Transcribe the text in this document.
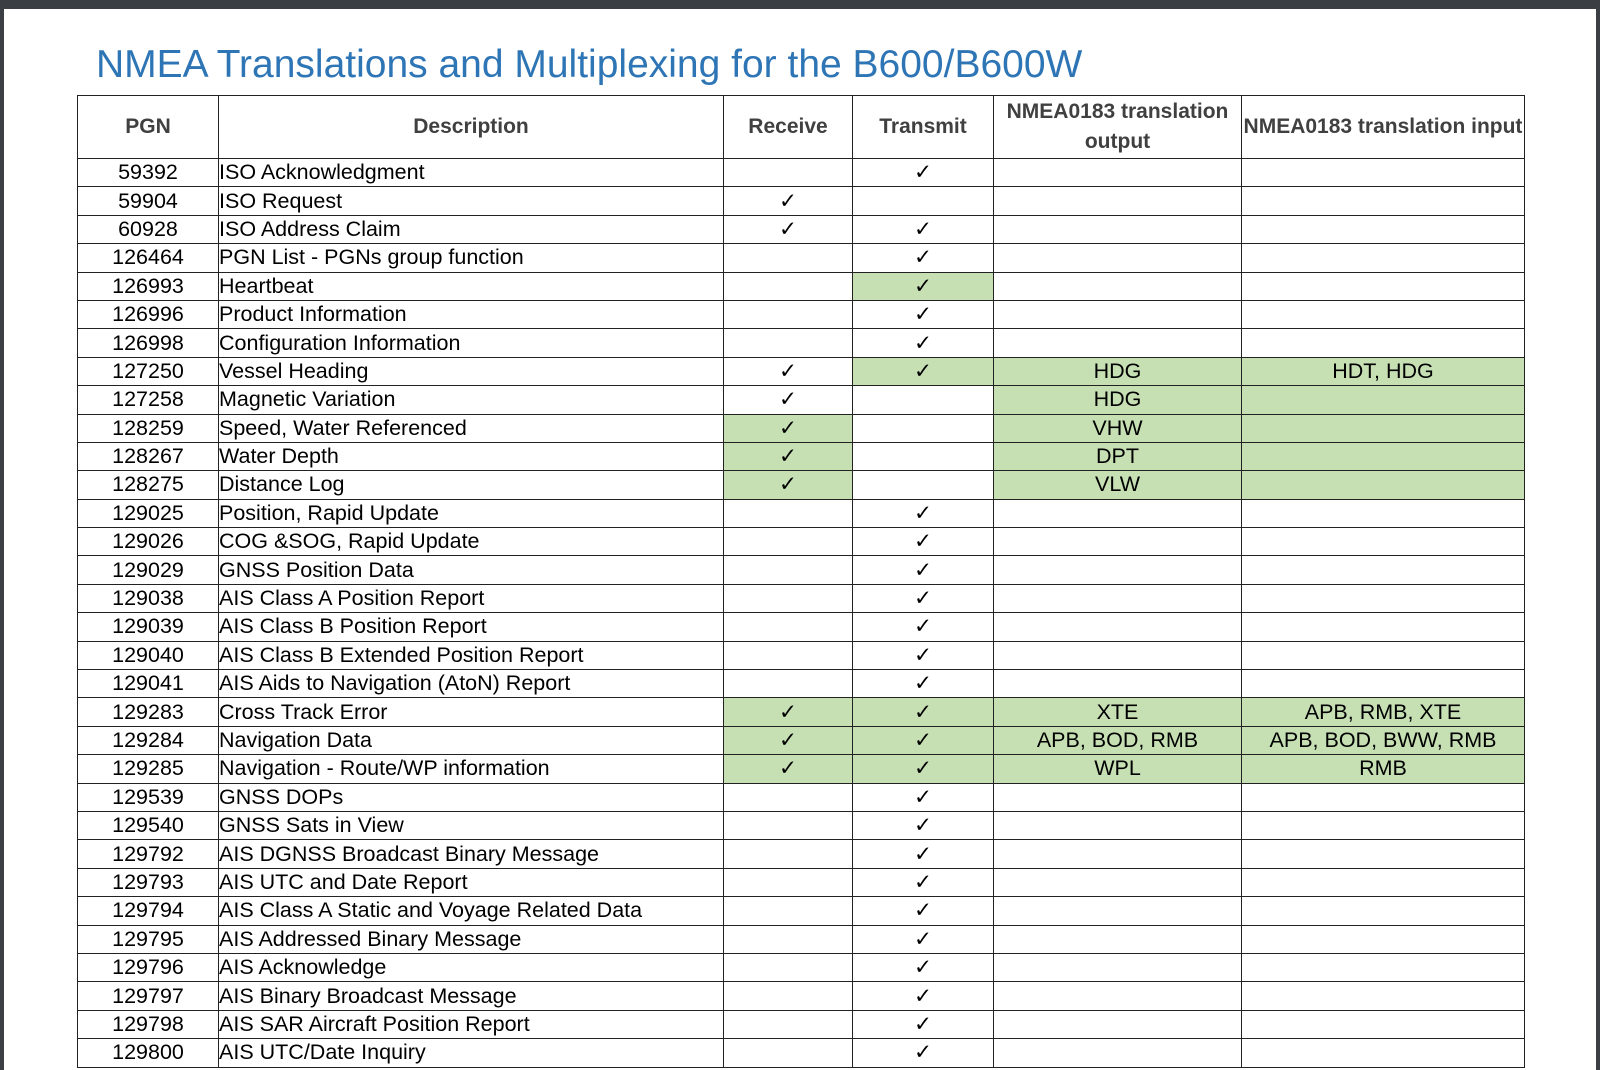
NMEA Translations and Multiplexing for the B600/B600W
PGN	Description	Receive	Transmit	NMEA0183 translation output	NMEA0183 translation input
59392	ISO Acknowledgment		✓		
59904	ISO Request	✓			
60928	ISO Address Claim	✓	✓		
126464	PGN List - PGNs group function		✓		
126993	Heartbeat		✓		
126996	Product Information		✓		
126998	Configuration Information		✓		
127250	Vessel Heading	✓	✓	HDG	HDT, HDG
127258	Magnetic Variation	✓		HDG	
128259	Speed, Water Referenced	✓		VHW	
128267	Water Depth	✓		DPT	
128275	Distance Log	✓		VLW	
129025	Position, Rapid Update		✓		
129026	COG &SOG, Rapid Update		✓		
129029	GNSS Position Data		✓		
129038	AIS Class A Position Report		✓		
129039	AIS Class B Position Report		✓		
129040	AIS Class B Extended Position Report		✓		
129041	AIS Aids to Navigation (AtoN) Report		✓		
129283	Cross Track Error	✓	✓	XTE	APB, RMB, XTE
129284	Navigation Data	✓	✓	APB, BOD, RMB	APB, BOD, BWW, RMB
129285	Navigation - Route/WP information	✓	✓	WPL	RMB
129539	GNSS DOPs		✓		
129540	GNSS Sats in View		✓		
129792	AIS DGNSS Broadcast Binary Message		✓		
129793	AIS UTC and Date Report		✓		
129794	AIS Class A Static and Voyage Related Data		✓		
129795	AIS Addressed Binary Message		✓		
129796	AIS Acknowledge		✓		
129797	AIS Binary Broadcast Message		✓		
129798	AIS SAR Aircraft Position Report		✓		
129800	AIS UTC/Date Inquiry		✓		
